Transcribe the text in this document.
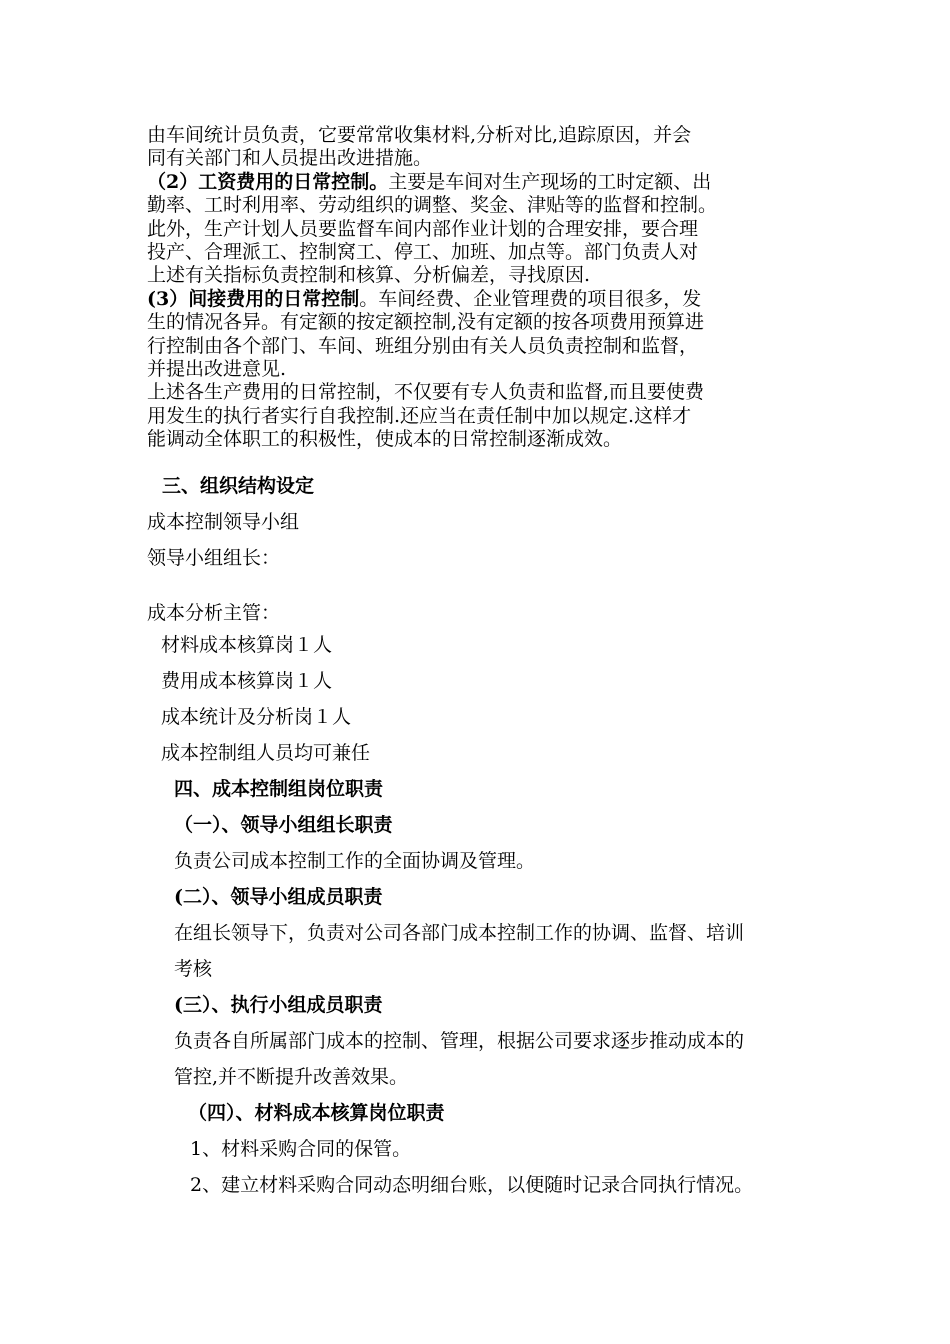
由车间统计员负责，它要常常收集材料,分析对比,追踪原因，并会
同有关部门和人员提出改进措施。
（2）工资费用的日常控制。主要是车间对生产现场的工时定额、出
勤率、工时利用率、劳动组织的调整、奖金、津贴等的监督和控制。
此外，生产计划人员要监督车间内部作业计划的合理安排，要合理
投产、合理派工、控制窝工、停工、加班、加点等。部门负责人对
上述有关指标负责控制和核算、分析偏差，寻找原因.
(3）间接费用的日常控制。车间经费、企业管理费的项目很多，发
生的情况各异。有定额的按定额控制,没有定额的按各项费用预算进
行控制由各个部门、车间、班组分别由有关人员负责控制和监督，
并提出改进意见.
上述各生产费用的日常控制，不仅要有专人负责和监督,而且要使费
用发生的执行者实行自我控制.还应当在责任制中加以规定.这样才
能调动全体职工的积极性，使成本的日常控制逐渐成效。
三、组织结构设定
成本控制领导小组
领导小组组长：
成本分析主管：
材料成本核算岗１人
费用成本核算岗１人
成本统计及分析岗１人
成本控制组人员均可兼任
四、成本控制组岗位职责
（一）、领导小组组长职责
负责公司成本控制工作的全面协调及管理。
(二）、领导小组成员职责
在组长领导下，负责对公司各部门成本控制工作的协调、监督、培训
考核
(三）、执行小组成员职责
负责各自所属部门成本的控制、管理，根据公司要求逐步推动成本的
管控,并不断提升改善效果。
（四）、材料成本核算岗位职责
1、材料采购合同的保管。
2、建立材料采购合同动态明细台账，以便随时记录合同执行情况。
